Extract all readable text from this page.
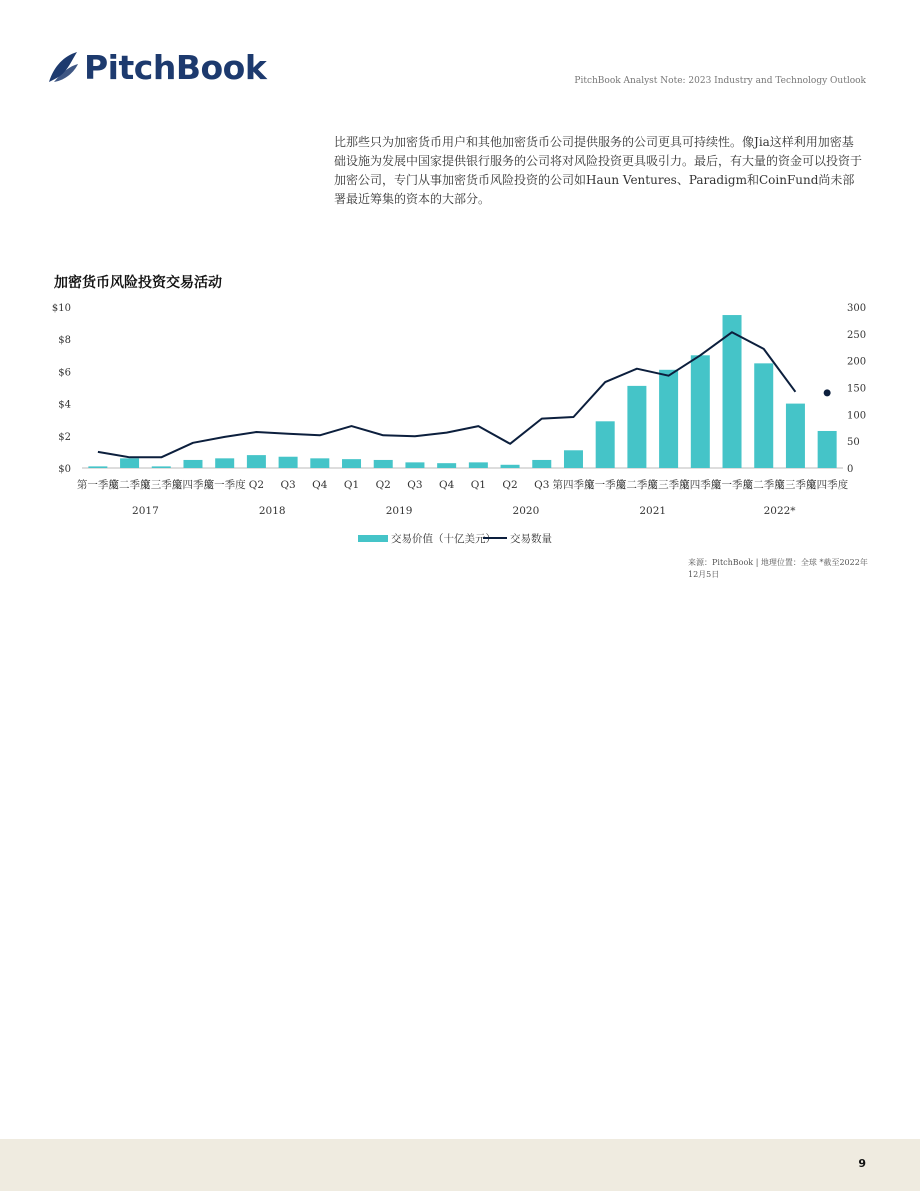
PitchBook	PitchBook Analyst Note: 2023 Industry and Technology Outlook
比那些只为加密货币用户和其他加密货币公司提供服务的公司更具可持续性。像Jia这样利用加密基础设施为发展中国家提供银行服务的公司将对风险投资更具吸引力。最后，有大量的资金可以投资于加密公司，专门从事加密货币风险投资的公司如Haun Ventures、Paradigm和CoinFund尚未部署最近筹集的资本的大部分。
加密货币风险投资交易活动
$0
$2
$4
$6
$8
$10
0
50
100
150
200
250
300
第一季度
第二季度
第三季度
第四季度
第一季度 Q2 Q3 Q4 Q1 Q2 Q3 Q4 Q1 Q2 Q3 第四季度
第一季度
第二季度
第三季度
第四季度
第一季度
第二季度
第三季度
第四季度
2017	2018	2019	2020	2021	2022*
交易价值（十亿美元） 交易数量
来源：PitchBook | 地理位置：全球 *截至2022年12月5日
9
